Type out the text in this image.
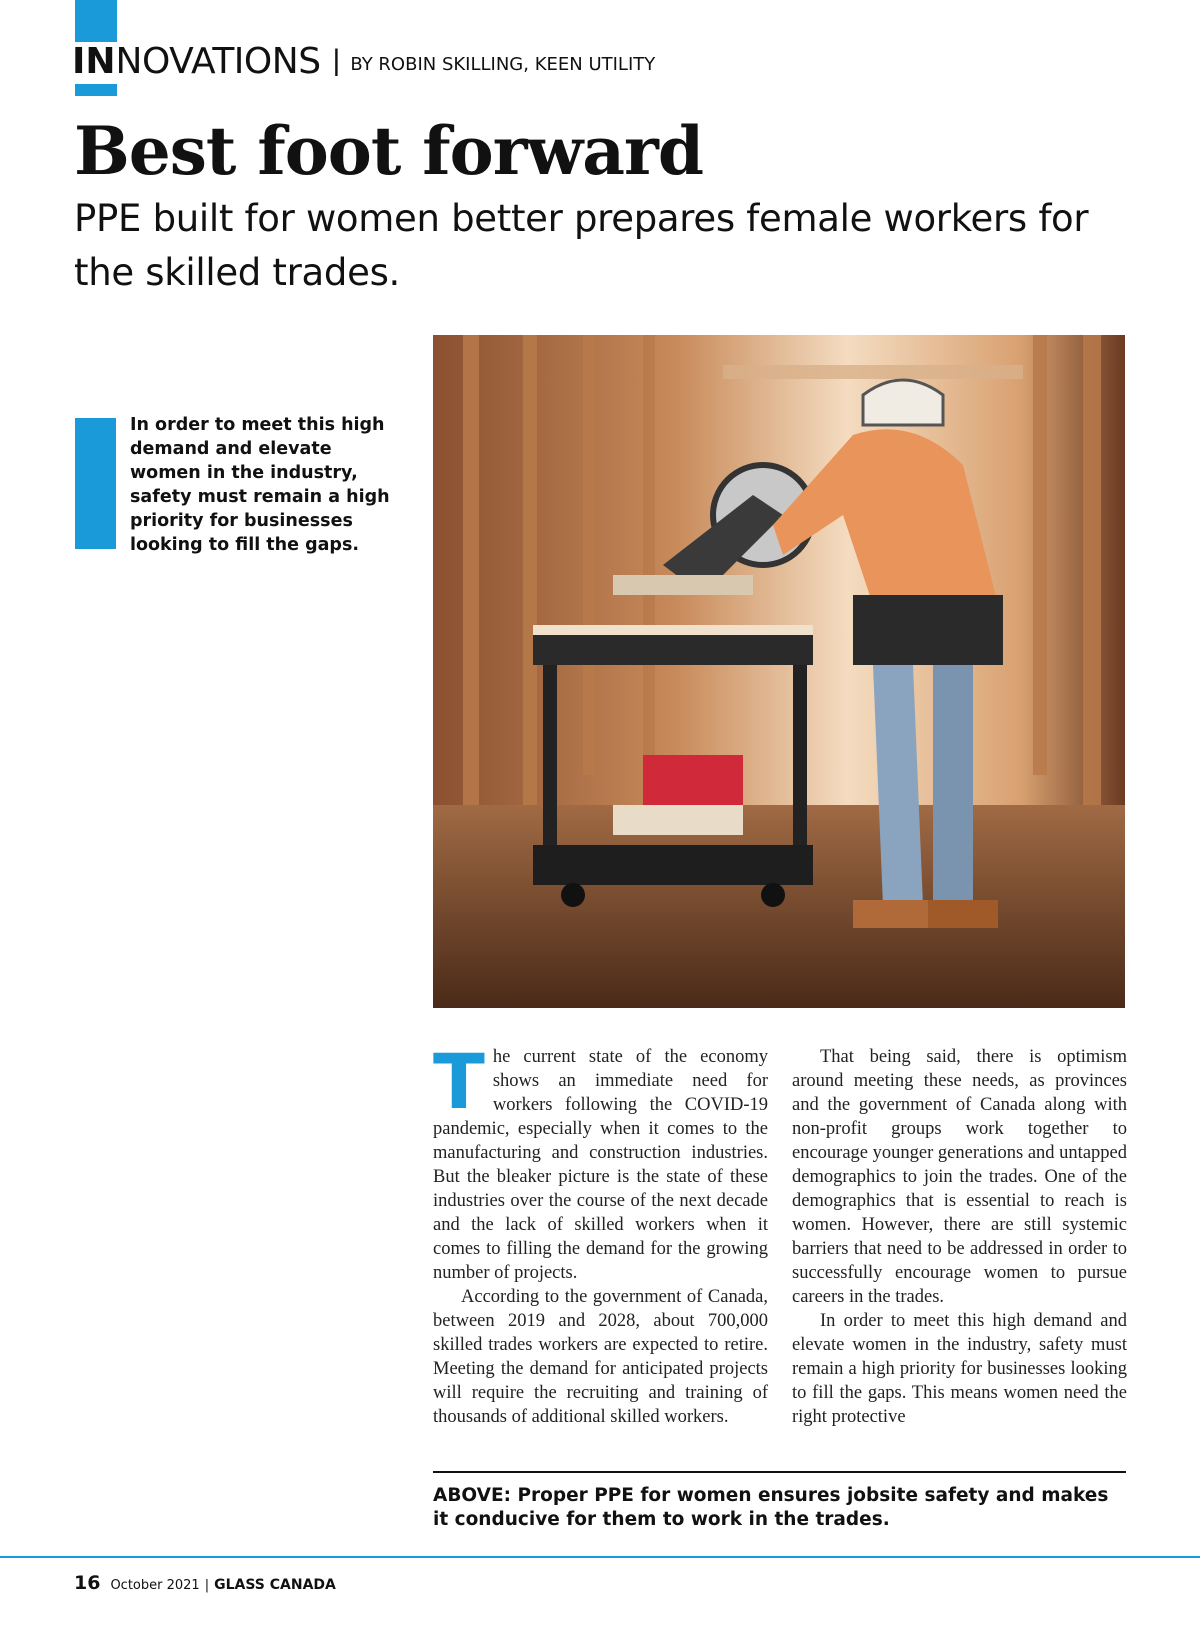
IN NOVATIONS | BY ROBIN SKILLING, KEEN UTILITY
Best foot forward

PPE built for women better prepares female workers for the skilled trades.

In order to meet this high demand and elevate women in the industry, safety must remain a high priority for businesses looking to fill the gaps.

The current state of the economy shows an immediate need for workers following the COVID-19 pandemic, especially when it comes to the manufacturing and construction industries. But the bleaker picture is the state of these industries over the course of the next decade and the lack of skilled workers when it comes to filling the demand for the growing number of projects.

According to the government of Canada, between 2019 and 2028, about 700,000 skilled trades workers are expected to retire. Meeting the demand for anticipated projects will require the recruiting and training of thousands of additional skilled workers.

That being said, there is optimism around meeting these needs, as provinces and the government of Canada along with non-profit groups work together to encourage younger generations and untapped demographics to join the trades. One of the demographics that is essential to reach is women. However, there are still systemic barriers that need to be addressed in order to successfully encourage women to pursue careers in the trades.

In order to meet this high demand and elevate women in the industry, safety must remain a high priority for businesses looking to fill the gaps. This means women need the right protective

ABOVE: Proper PPE for women ensures jobsite safety and makes it conducive for them to work in the trades.

16 October 2021 | GLASS CANADA
